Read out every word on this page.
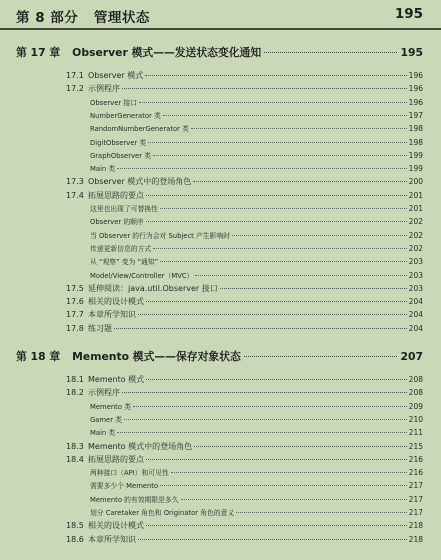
第 8 部分 管理状态	195
第 17 章 Observer 模式——发送状态变化通知	195
17.1 Observer 模式	196
17.2 示例程序	196
Observer 接口	196
NumberGenerator 类	197
RandomNumberGenerator 类	198
DigitObserver 类	198
GraphObserver 类	199
Main 类	199
17.3 Observer 模式中的登场角色	200
17.4 拓展思路的要点	201
这里也出现了可替换性	201
Observer 的顺序	202
当 Observer 的行为会对 Subject 产生影响时	202
传递更新信息的方式	202
从 “观察” 变为 “通知”	203
Model/View/Controller（MVC）	203
17.5 延伸阅读：java.util.Observer 接口	203
17.6 相关的设计模式	204
17.7 本章所学知识	204
17.8 练习题	204
第 18 章 Memento 模式——保存对象状态	207
18.1 Memento 模式	208
18.2 示例程序	208
Memento 类	209
Gamer 类	210
Main 类	211
18.3 Memento 模式中的登场角色	215
18.4 拓展思路的要点	216
两种接口（API）和可见性	216
需要多少个 Memento	217
Memento 的有效期限是多久	217
划分 Caretaker 角色和 Originator 角色的意义	217
18.5 相关的设计模式	218
18.6 本章所学知识	218
